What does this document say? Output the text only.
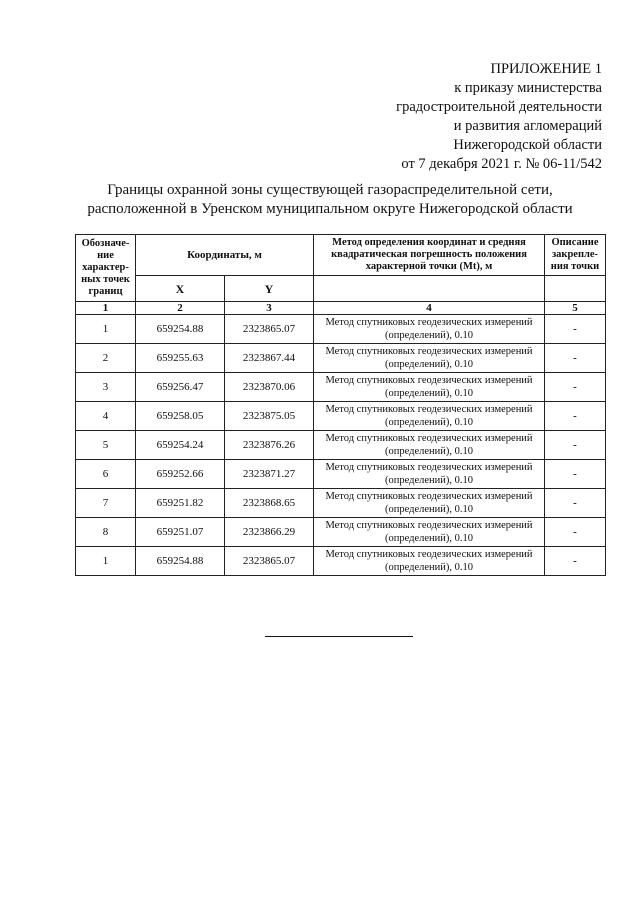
ПРИЛОЖЕНИЕ 1
к приказу министерства
градостроительной деятельности
и развития агломераций
Нижегородской области
от 7 декабря 2021 г. № 06-11/542
Границы охранной зоны существующей газораспределительной сети,
расположенной в Уренском муниципальном округе Нижегородской области
Обозначе-ние характер-ных точек границ	Координаты, м		Метод определения координат и средняя квадратическая погрешность положения характерной точки (Mt), м	Описание закрепле-ния точки
	X	Y		
1	2	3	4	5
1	659254.88	2323865.07	Метод спутниковых геодезических измерений (определений), 0.10	-
2	659255.63	2323867.44	Метод спутниковых геодезических измерений (определений), 0.10	-
3	659256.47	2323870.06	Метод спутниковых геодезических измерений (определений), 0.10	-
4	659258.05	2323875.05	Метод спутниковых геодезических измерений (определений), 0.10	-
5	659254.24	2323876.26	Метод спутниковых геодезических измерений (определений), 0.10	-
6	659252.66	2323871.27	Метод спутниковых геодезических измерений (определений), 0.10	-
7	659251.82	2323868.65	Метод спутниковых геодезических измерений (определений), 0.10	-
8	659251.07	2323866.29	Метод спутниковых геодезических измерений (определений), 0.10	-
1	659254.88	2323865.07	Метод спутниковых геодезических измерений (определений), 0.10	-
